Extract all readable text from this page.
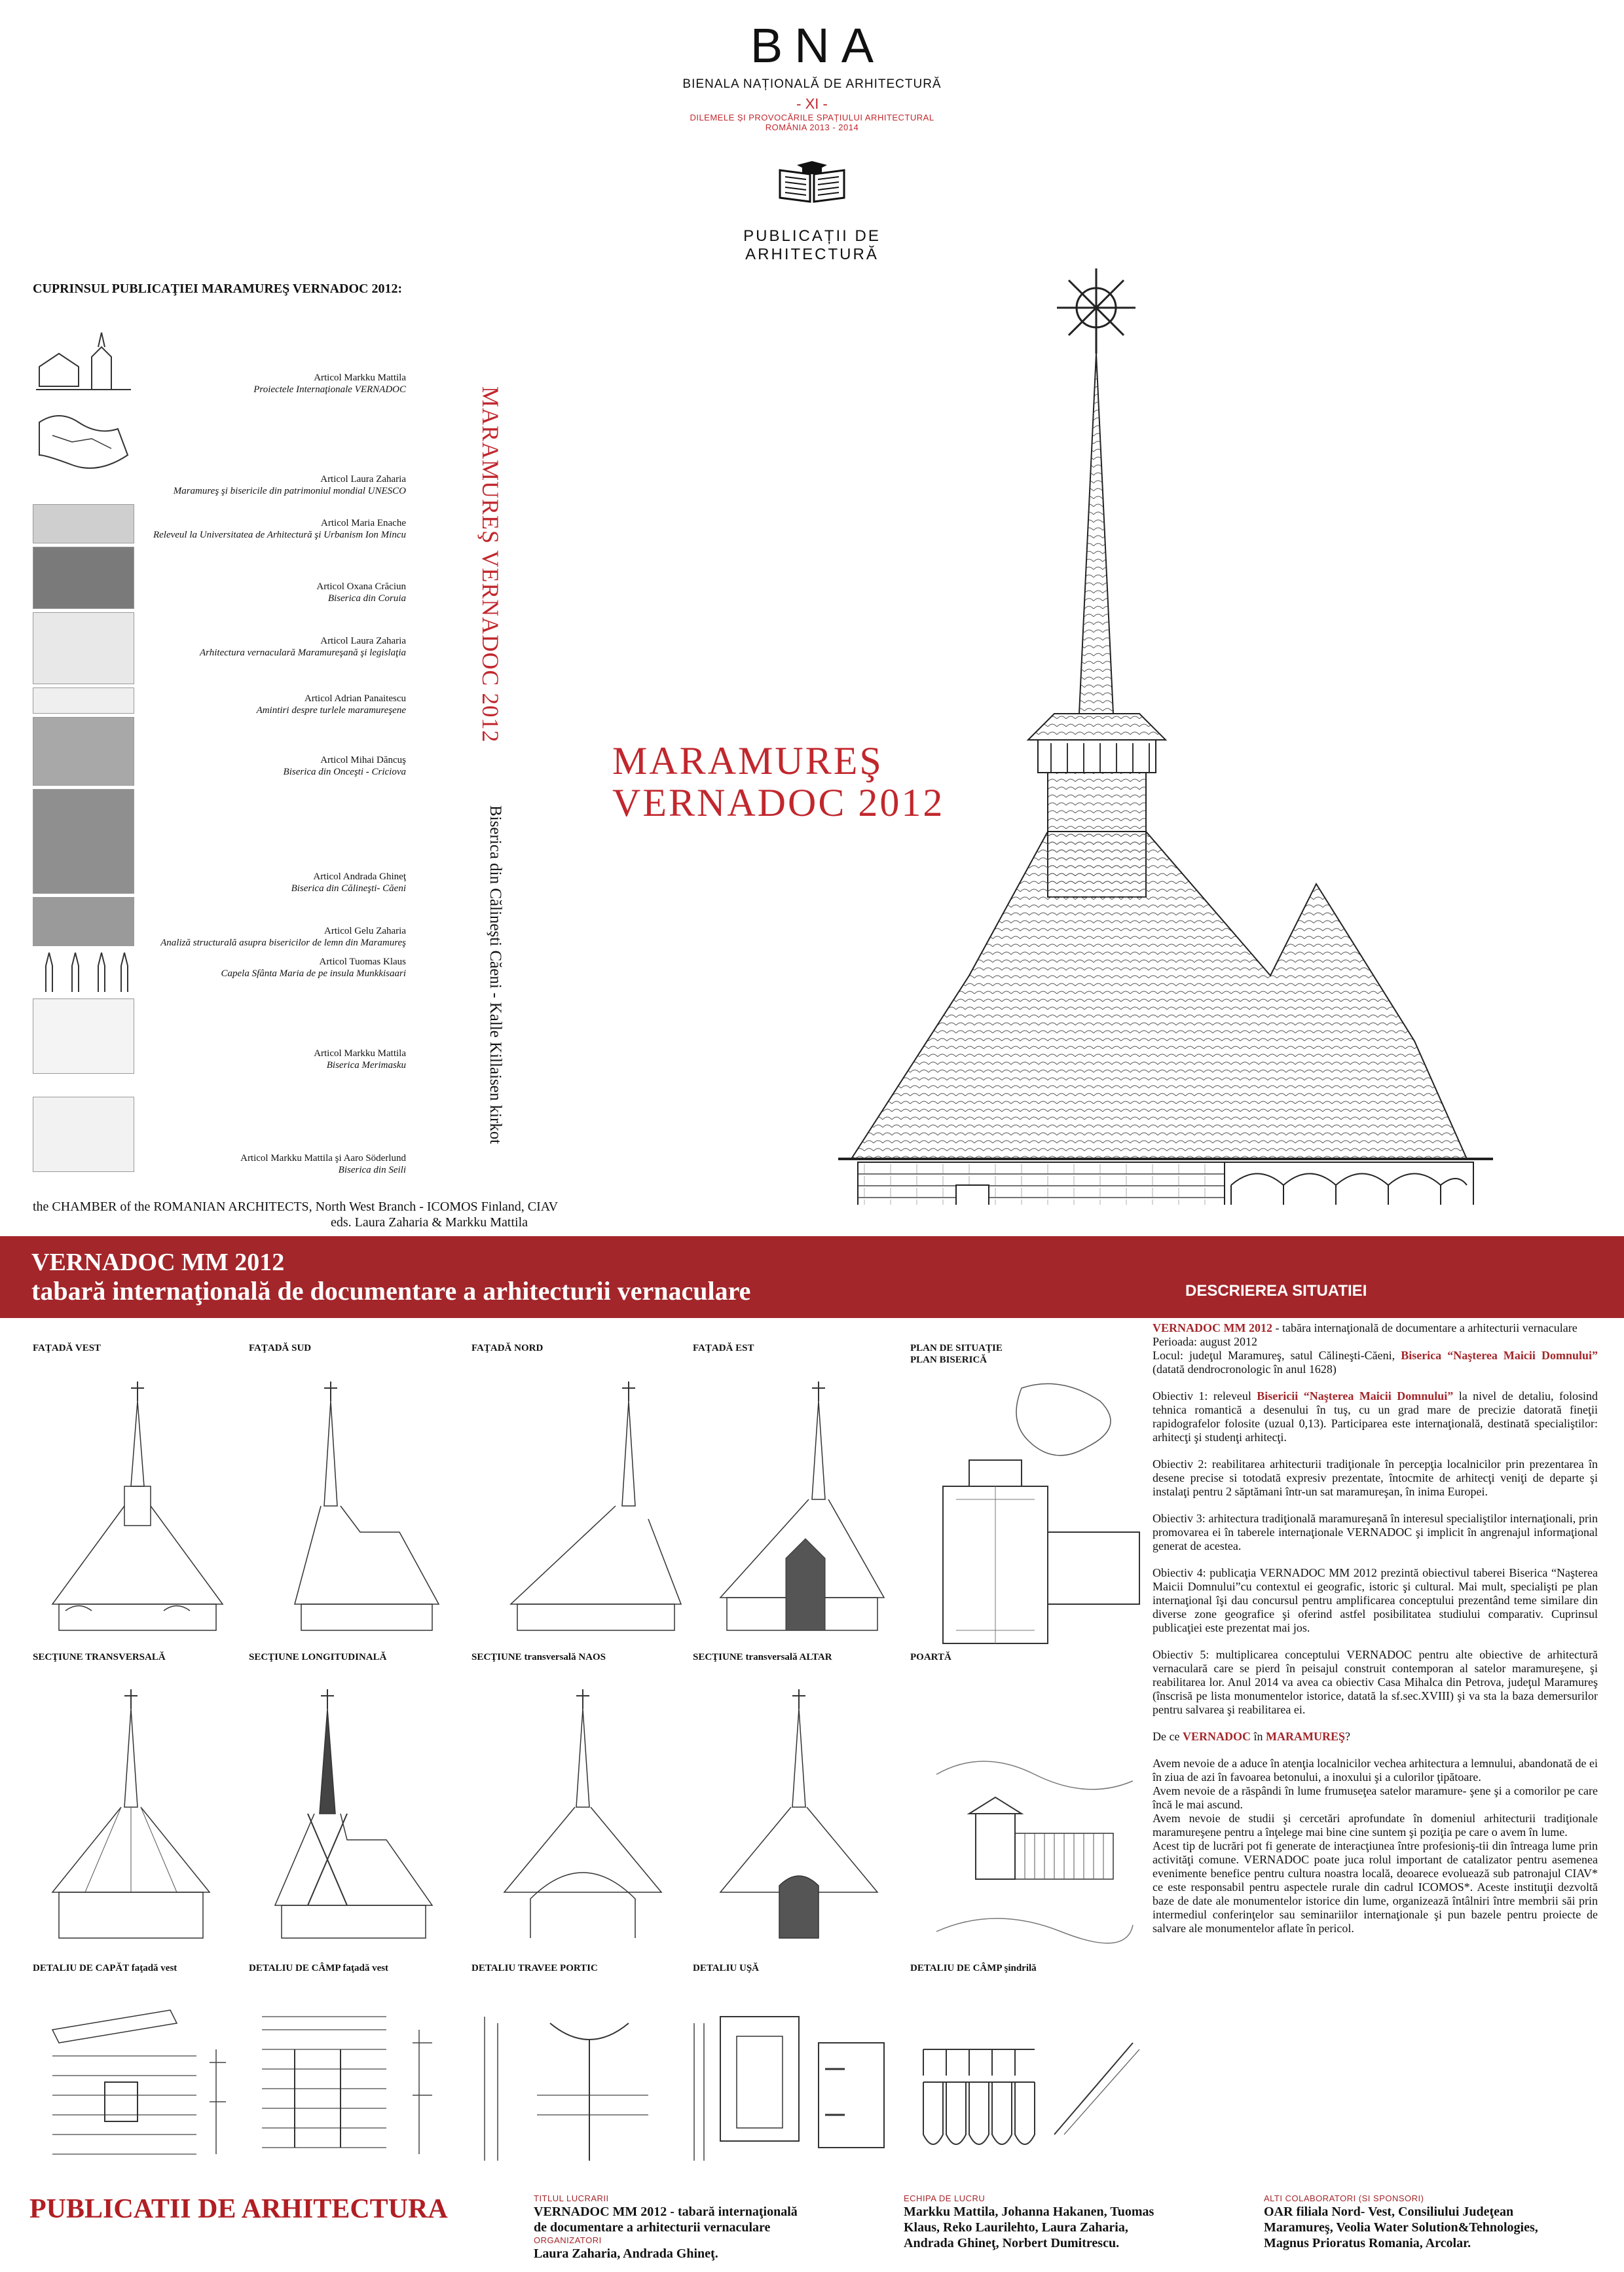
BNA
BIENALA NAȚIONALĂ DE ARHITECTURĂ
- XI -
DILEMELE ȘI PROVOCĂRILE SPAȚIULUI ARHITECTURAL
ROMÂNIA 2013 - 2014
PUBLICAȚII DE ARHITECTURĂ
CUPRINSUL PUBLICAŢIEI MARAMUREŞ VERNADOC 2012:
Articol Markku Mattila
Proiectele Internaţionale VERNADOC
Articol Laura Zaharia
Maramureş şi bisericile din patrimoniul mondial UNESCO
Articol Maria Enache
Releveul la Universitatea de Arhitectură şi Urbanism Ion Mincu
Articol Oxana Crăciun
Biserica din Coruia
Articol Laura Zaharia
Arhitectura vernaculară Maramureşană şi legislaţia
Articol Adrian Panaitescu
Amintiri despre turlele maramureşene
Articol Mihai Dăncuş
Biserica din Onceşti - Criciova
Articol Andrada Ghineţ
Biserica din Călineşti- Căeni
Articol Gelu Zaharia
Analiză structurală asupra bisericilor de lemn din Maramureş
Articol Tuomas Klaus
Capela Sfânta Maria de pe insula Munkkisaari
Articol Markku Mattila
Biserica Merimasku
Articol Markku Mattila şi Aaro Söderlund
Biserica din Seili
MARAMUREŞ VERNADOC 2012
Biserica din Călineşti Căeni - Kalle Killaisen kirkot
the CHAMBER of the ROMANIAN ARCHITECTS, North West Branch - ICOMOS Finland, CIAV
eds. Laura Zaharia & Markku Mattila
MARAMUREŞ
VERNADOC 2012
VERNADOC MM 2012
tabară internaţională de documentare a arhitecturii vernaculare	DESCRIEREA SITUATIEI
FAŢADĂ VEST	FAŢADĂ SUD	FAŢADĂ NORD	FAŢADĂ EST	PLAN DE SITUAŢIE
PLAN BISERICĂ
SECŢIUNE TRANSVERSALĂ	SECŢIUNE LONGITUDINALĂ	SECŢIUNE transversală NAOS	SECŢIUNE transversală ALTAR	POARTĂ
DETALIU DE CAPĂT faţadă vest	DETALIU DE CÂMP faţadă vest	DETALIU TRAVEE PORTIC	DETALIU UŞĂ	DETALIU DE CÂMP şindrilă

VERNADOC MM 2012 - tabăra internaţională de documentare a arhitecturii vernaculare

Perioada: august 2012

Locul: judeţul Maramureş, satul Călineşti-Căeni, Biserica “Naşterea Maicii Domnului” (datată dendrocronologic în anul 1628)

Obiectiv 1: releveul Bisericii “Naşterea Maicii Domnului” la nivel de detaliu, folosind tehnica romantică a desenului în tuş, cu un grad mare de precizie datorată fineţii rapidografelor folosite (uzual 0,13). Participarea este internaţională, destinată specialiştilor: arhitecţi şi studenţi arhitecţi.

Obiectiv 2: reabilitarea arhitecturii tradiţionale în percepţia localnicilor prin prezentarea în desene precise si totodată expresiv prezentate, întocmite de arhitecţi veniţi de departe şi instalaţi pentru 2 săptămani într-un sat maramureşan, în inima Europei.

Obiectiv 3: arhitectura tradiţională maramureşană în interesul specialiştilor internaţionali, prin promovarea ei în taberele internaţionale VERNADOC şi implicit în angrenajul informaţional generat de acestea.

Obiectiv 4: publicaţia VERNADOC MM 2012 prezintă obiectivul taberei Biserica “Naşterea Maicii Domnului”cu contextul ei geografic, istoric şi cultural. Mai mult, specialişti pe plan internaţional îşi dau concursul pentru amplificarea conceptului prezentând teme similare din diverse zone geografice şi oferind astfel posibilitatea studiului comparativ. Cuprinsul publicaţiei este prezentat mai jos.

Obiectiv 5: multiplicarea conceptului VERNADOC pentru alte obiective de arhitectură vernaculară care se pierd în peisajul construit contemporan al satelor maramureşene, şi reabilitarea lor. Anul 2014 va avea ca obiectiv Casa Mihalca din Petrova, judeţul Maramureş (înscrisă pe lista monumentelor istorice, datată la sf.sec.XVIII) şi va sta la baza demersurilor pentru salvarea şi reabilitarea ei.

De ce VERNADOC în MARAMUREŞ?

Avem nevoie de a aduce în atenţia localnicilor vechea arhitectura a lemnului, abandonată de ei în ziua de azi în favoarea betonului, a inoxului şi a culorilor ţipătoare.

Avem nevoie de a răspândi în lume frumuseţea satelor maramure- şene şi a comorilor pe care încă le mai ascund.

Avem nevoie de studii şi cercetări aprofundate în domeniul arhitecturii tradiţionale maramureşene pentru a înţelege mai bine cine suntem şi poziţia pe care o avem în lume.

Acest tip de lucrări pot fi generate de interacţiunea între profesioniş-tii din întreaga lume prin activităţi comune. VERNADOC poate juca rolul important de catalizator pentru asemenea evenimente benefice pentru cultura noastra locală, deoarece evoluează sub patronajul CIAV* ce este responsabil pentru aspectele rurale din cadrul ICOMOS*. Aceste instituţii dezvoltă baze de date ale monumentelor istorice din lume, organizează întâlniri între membrii săi prin intermediul conferinţelor sau seminariilor internaţionale şi pun bazele pentru proiecte de salvare ale monumentelor aflate în pericol.

PUBLICATII DE ARHITECTURA	TITLUL LUCRARII
VERNADOC MM 2012 - tabară internaţională
de documentare a arhitecturii vernaculare
ORGANIZATORI
Laura Zaharia, Andrada Ghineţ.
ECHIPA DE LUCRU
Markku Mattila, Johanna Hakanen, Tuomas
Klaus, Reko Laurilehto, Laura Zaharia,
Andrada Ghineţ, Norbert Dumitrescu.
ALTI COLABORATORI (SI SPONSORI)
OAR filiala Nord- Vest, Consiliului Judeţean
Maramureş, Veolia Water Solution&Tehnologies,
Magnus Prioratus Romania, Arcolar.
